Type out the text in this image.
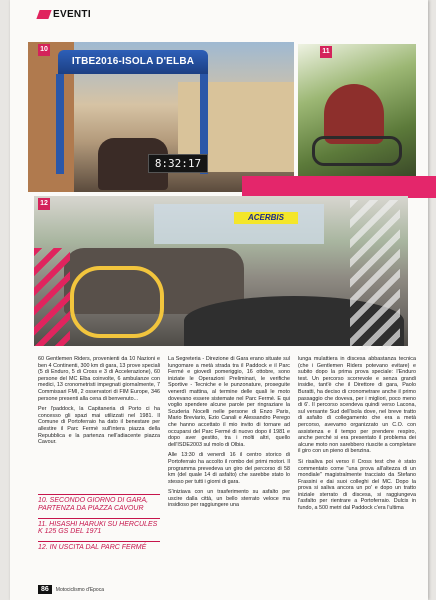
EVENTI
ITBE2016-ISOLA D'ELBA
8:32:17
10	11
ACERBIS
12

60 Gentlemen Riders, provenienti da 10 Nazioni e ben 4 Continenti, 300 km di gara, 13 prove speciali (5 di Enduro, 5 di Cross e 3 di Accelerazione), 60 persone del MC Elba coinvolte, 6 ambulanze con medici, 13 cronometristi impegnati giornalmente, 7 Commissari FMI, 2 osservatori di FIM Europe, 346 persone presenti alla cena di benvenuto...

Per l'paddock, la Capitaneria di Porto ci ha concesso gli spazi mai utilizzati nel 1981. Il Comune di Portoferraio ha dato il benestare per allestire il Parc Fermé sull'intera piazza della Repubblica e la partenza nell'adiacente piazza Cavour.

10. SECONDO GIORNO DI GARA, PARTENZA DA PIAZZA CAVOUR
11. HISASHI HARUKI SU HERCULES K 125 GS DEL 1971
12. IN USCITA DAL PARC FERMÉ

La Segreteria - Direzione di Gara erano situate sul lungomare a metà strada tra il Paddock e il Parc Fermé e giovedì pomeriggio, 16 ottobre, sono iniziate le Operazioni Preliminari, le verifiche Sportive - Tecniche e le punzonature, proseguite venerdì mattina, al termine delle quali le moto dovevano essere sistemate nel Parc Fermé. E qui voglio spendere alcune parole per ringraziare la Scuderia Nocelli nelle persone di Enzo Paris, Mario Breviario, Ezio Canali e Alessandro Perego che hanno accettato il mio invito di tornare ad occuparsi del Parc Fermé di nuovo dopo il 1981 e dopo aver gestito, tra i molti altri, quello dell'ISDE2003 sul molo di Olbia.

Alle 13:30 di venerdì 16 il centro storico di Portoferraio ha accolto il rombo dei primi motori. Il programma prevedeva un giro del percorso di 58 km (del quale 14 di asfalto) che sarebbe stato lo stesso per tutti i giorni di gara.

S'iniziava con un trasferimento su asfalto per uscire dalla città, un bello sterrato veloce ma insidioso per raggiungere una

lunga mulattiera in discesa abbastanza tecnica (che i Gentlemen Riders potevano evitare) e subito dopo la prima prova speciale: l'Enduro test. Un percorso scorrevole e senza grandi insidie, tant'è che il Direttore di gara, Paolo Buratti, ha deciso di cronometrare anche il primo passaggio che doveva, per i migliori, poco meno di 6'. Il percorso scendeva quindi verso Lacona, sul versante Sud dell'isola dove, nel breve tratto di asfalto di collegamento che era a metà percorso, avevamo organizzato un C.O. con assistenza e il tempo per prendere respiro, anche perché si era presentato il problema dei alcune moto non sarebbero riuscite a completare il giro con un pieno di benzina.

Si risaliva poi verso il Cross test che è stato commentato come "una prova all'altezza di un mondiale" magistralmente tracciato da Stefano Frassini e dai suoi colleghi del MC. Dopo la prova si saliva ancora un po' e dopo un tratto iniziale sterrato di discesa, si raggiungeva l'asfalto per rientrare a Portoferraio. Dulcis in fundo, a 500 metri dal Paddock c'era l'ultima

86	Motociclismo d'Epoca
